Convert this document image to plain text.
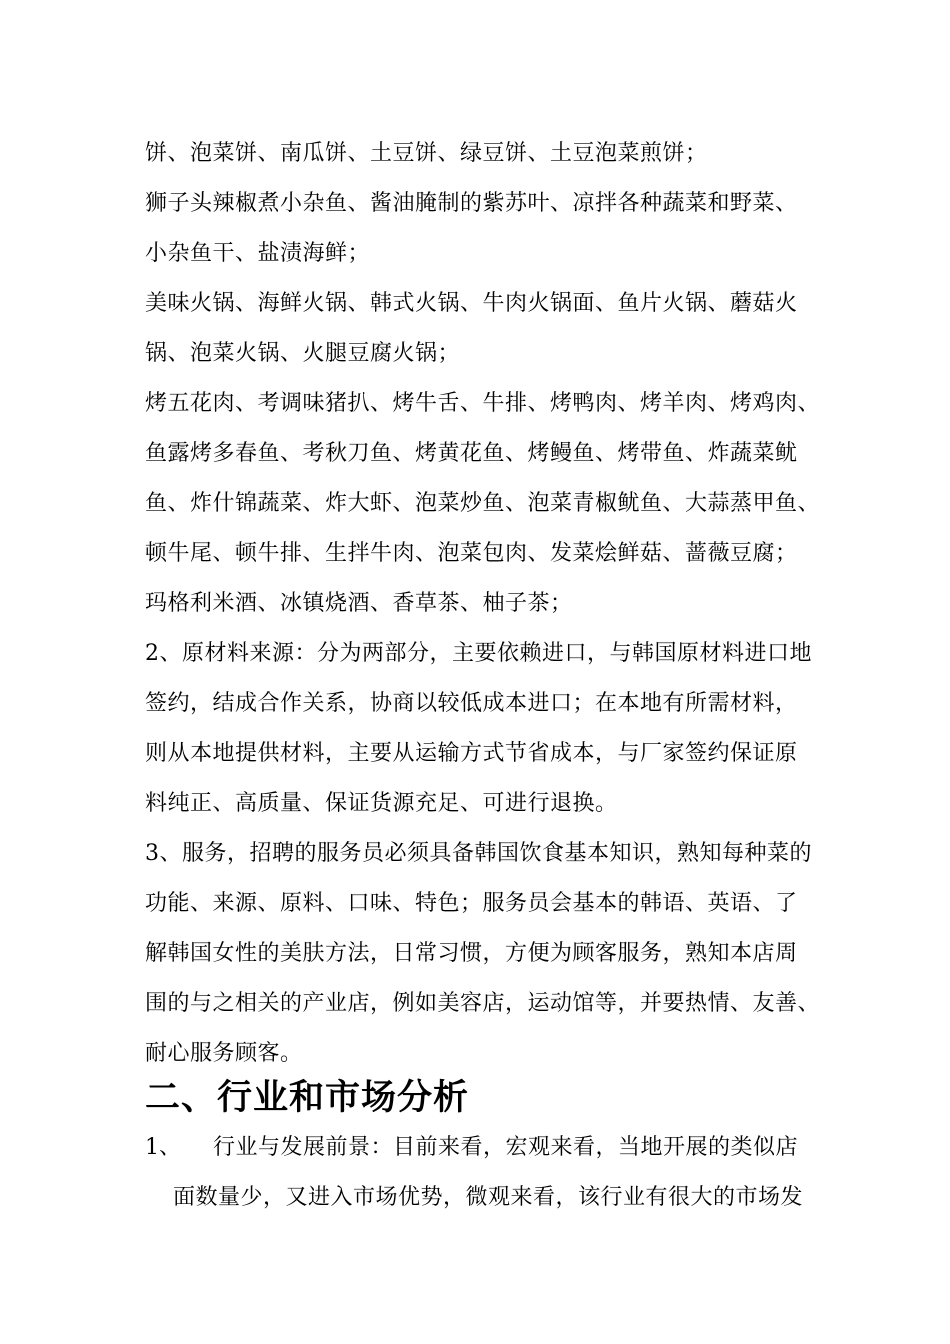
饼、泡菜饼、南瓜饼、土豆饼、绿豆饼、土豆泡菜煎饼；
狮子头辣椒煮小杂鱼、酱油腌制的紫苏叶、凉拌各种蔬菜和野菜、
小杂鱼干、盐渍海鲜；
美味火锅、海鲜火锅、韩式火锅、牛肉火锅面、鱼片火锅、蘑菇火
锅、泡菜火锅、火腿豆腐火锅；
烤五花肉、考调味猪扒、烤牛舌、牛排、烤鸭肉、烤羊肉、烤鸡肉、
鱼露烤多春鱼、考秋刀鱼、烤黄花鱼、烤鳗鱼、烤带鱼、炸蔬菜鱿
鱼、炸什锦蔬菜、炸大虾、泡菜炒鱼、泡菜青椒鱿鱼、大蒜蒸甲鱼、
顿牛尾、顿牛排、生拌牛肉、泡菜包肉、发菜烩鲜菇、蔷薇豆腐；
玛格利米酒、冰镇烧酒、香草茶、柚子茶；
2、原材料来源：分为两部分，主要依赖进口，与韩国原材料进口地
签约，结成合作关系，协商以较低成本进口；在本地有所需材料，
则从本地提供材料，主要从运输方式节省成本，与厂家签约保证原
料纯正、高质量、保证货源充足、可进行退换。
3、服务，招聘的服务员必须具备韩国饮食基本知识，熟知每种菜的
功能、来源、原料、口味、特色；服务员会基本的韩语、英语、了
解韩国女性的美肤方法，日常习惯，方便为顾客服务，熟知本店周
围的与之相关的产业店，例如美容店，运动馆等，并要热情、友善、
耐心服务顾客。
二、行业和市场分析
1、 行业与发展前景：目前来看，宏观来看，当地开展的类似店
面数量少，又进入市场优势，微观来看，该行业有很大的市场发
